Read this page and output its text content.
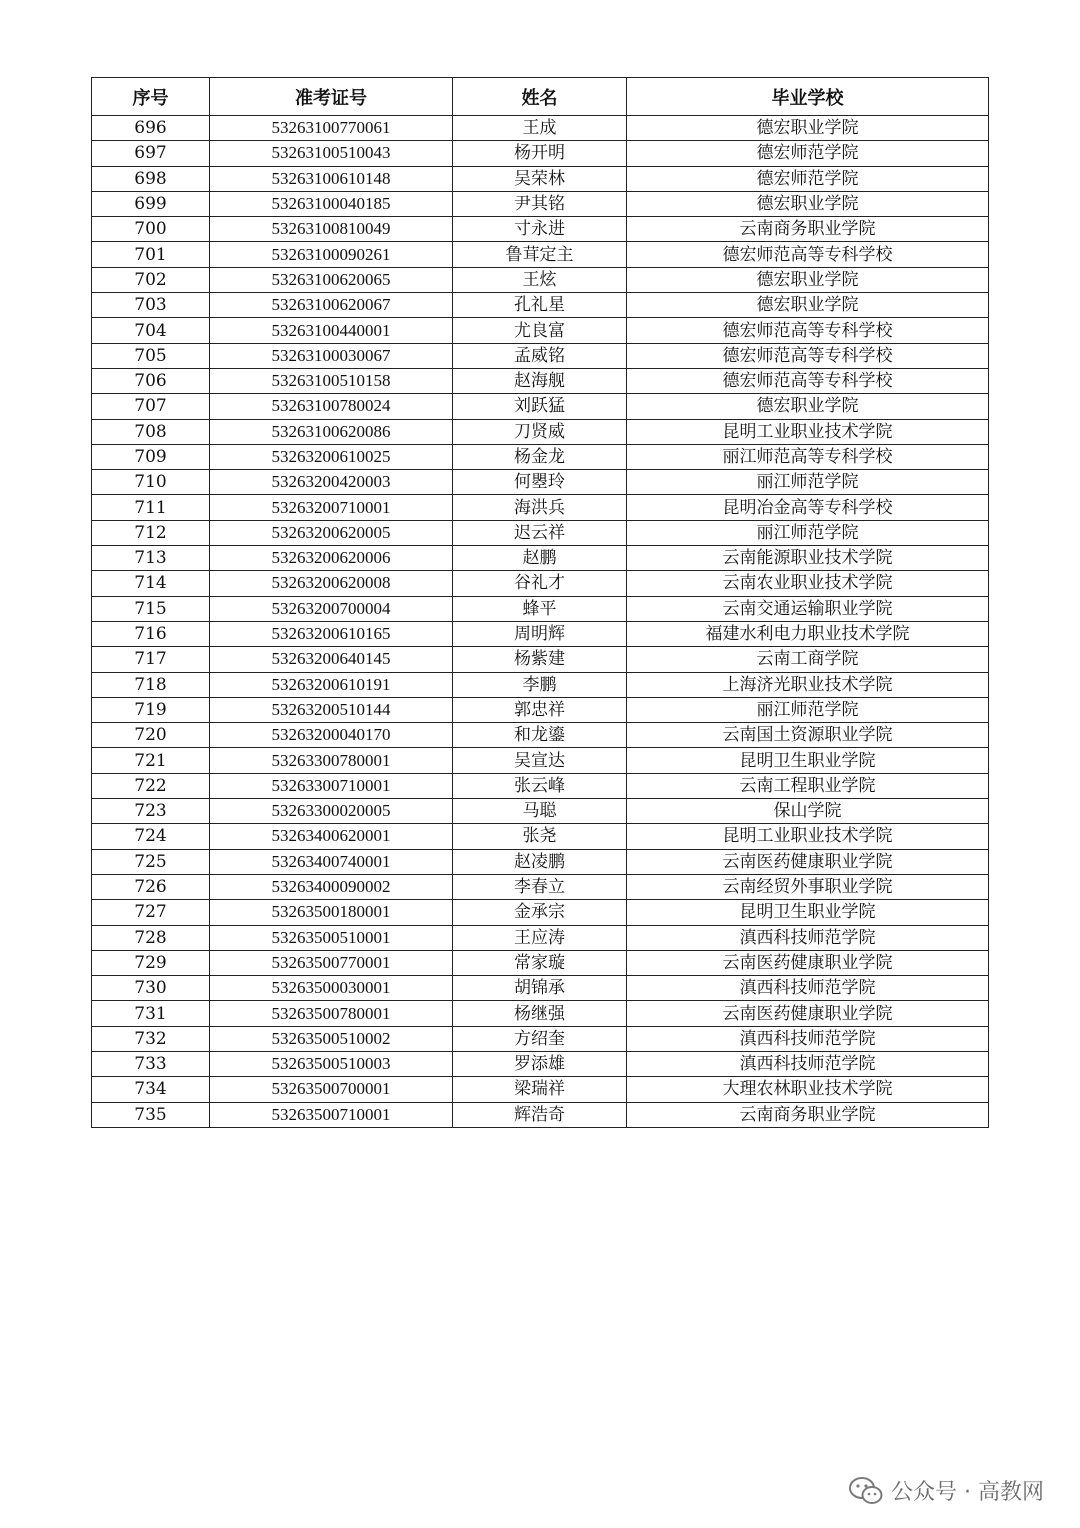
序号	准考证号	姓名	毕业学校
696	53263100770061	王成	德宏职业学院
697	53263100510043	杨开明	德宏师范学院
698	53263100610148	吴荣林	德宏师范学院
699	53263100040185	尹其铭	德宏职业学院
700	53263100810049	寸永进	云南商务职业学院
701	53263100090261	鲁茸定主	德宏师范高等专科学校
702	53263100620065	王炫	德宏职业学院
703	53263100620067	孔礼星	德宏职业学院
704	53263100440001	尤良富	德宏师范高等专科学校
705	53263100030067	孟威铭	德宏师范高等专科学校
706	53263100510158	赵海舰	德宏师范高等专科学校
707	53263100780024	刘跃猛	德宏职业学院
708	53263100620086	刀贤威	昆明工业职业技术学院
709	53263200610025	杨金龙	丽江师范高等专科学校
710	53263200420003	何瞾玲	丽江师范学院
711	53263200710001	海洪兵	昆明冶金高等专科学校
712	53263200620005	迟云祥	丽江师范学院
713	53263200620006	赵鹏	云南能源职业技术学院
714	53263200620008	谷礼才	云南农业职业技术学院
715	53263200700004	蜂平	云南交通运输职业学院
716	53263200610165	周明辉	福建水利电力职业技术学院
717	53263200640145	杨紫建	云南工商学院
718	53263200610191	李鹏	上海济光职业技术学院
719	53263200510144	郭忠祥	丽江师范学院
720	53263200040170	和龙鎏	云南国土资源职业学院
721	53263300780001	吴宣达	昆明卫生职业学院
722	53263300710001	张云峰	云南工程职业学院
723	53263300020005	马聪	保山学院
724	53263400620001	张尧	昆明工业职业技术学院
725	53263400740001	赵凌鹏	云南医药健康职业学院
726	53263400090002	李春立	云南经贸外事职业学院
727	53263500180001	金承宗	昆明卫生职业学院
728	53263500510001	王应涛	滇西科技师范学院
729	53263500770001	常家璇	云南医药健康职业学院
730	53263500030001	胡锦承	滇西科技师范学院
731	53263500780001	杨继强	云南医药健康职业学院
732	53263500510002	方绍奎	滇西科技师范学院
733	53263500510003	罗添雄	滇西科技师范学院
734	53263500700001	梁瑞祥	大理农林职业技术学院
735	53263500710001	辉浩奇	云南商务职业学院
公众号 · 高教网
